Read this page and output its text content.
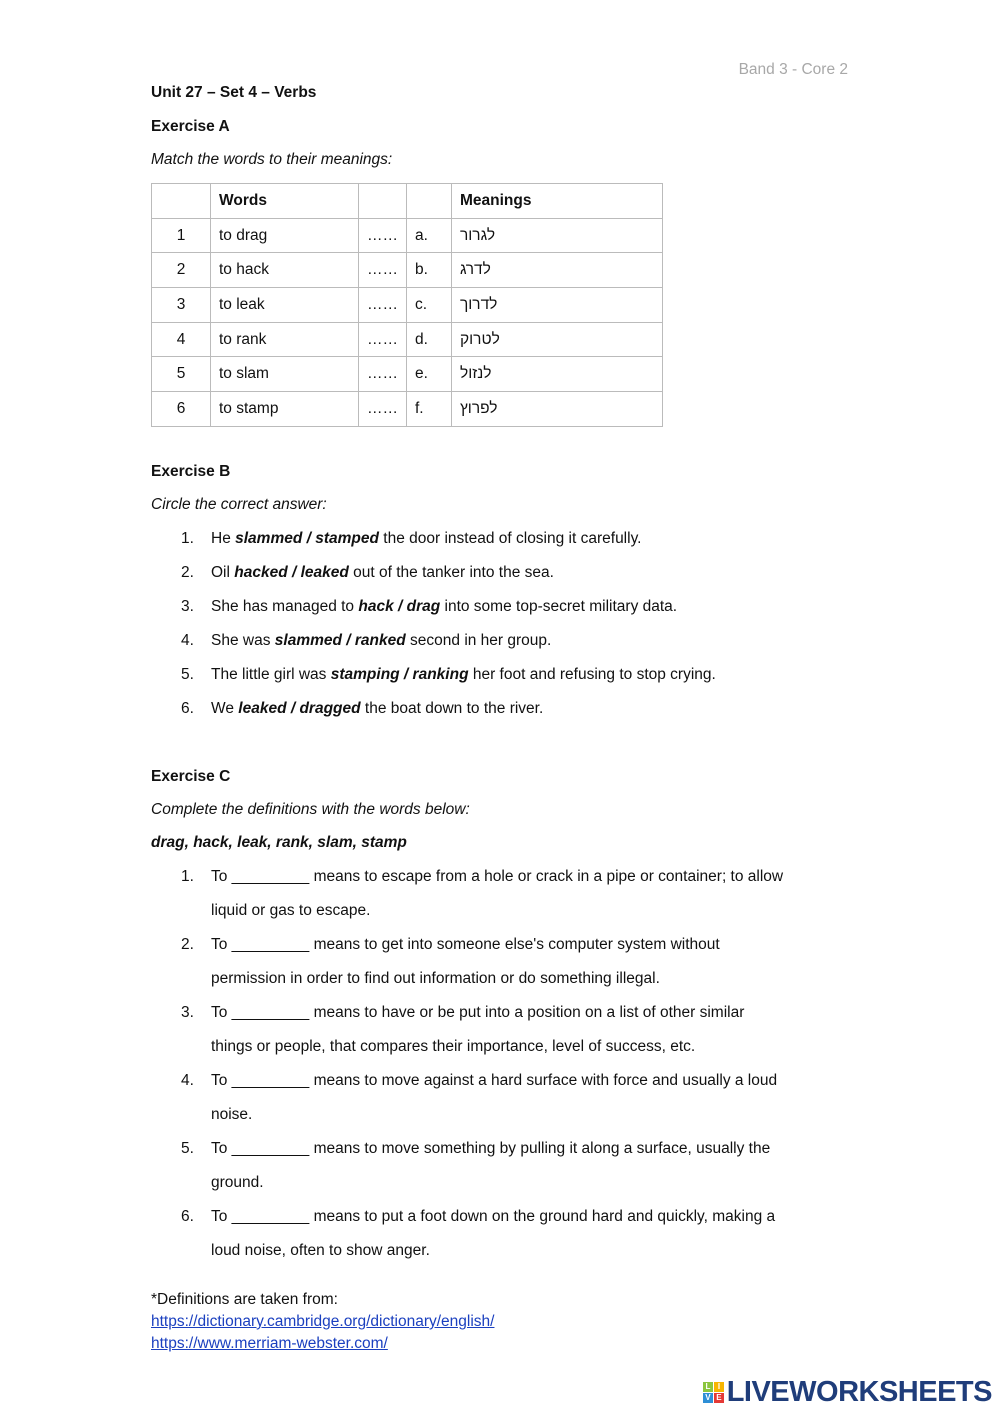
Band 3 - Core 2
Unit 27 – Set 4 – Verbs
Exercise A
Match the words to their meanings:
	Words			Meanings
1	to drag	……	a.	לגרור
2	to hack	……	b.	לדרג
3	to leak	……	c.	לדרוך
4	to rank	……	d.	לטרוק
5	to slam	……	e.	לנזול
6	to stamp	……	f.	לפרוץ
Exercise B
Circle the correct answer:
1. He slammed / stamped the door instead of closing it carefully.
2. Oil hacked / leaked out of the tanker into the sea.
3. She has managed to hack / drag into some top-secret military data.
4. She was slammed / ranked second in her group.
5. The little girl was stamping / ranking her foot and refusing to stop crying.
6. We leaked / dragged the boat down to the river.
Exercise C
Complete the definitions with the words below:
drag, hack, leak, rank, slam, stamp
1. To _________ means to escape from a hole or crack in a pipe or container; to allow
liquid or gas to escape.
2. To _________ means to get into someone else's computer system without
permission in order to find out information or do something illegal.
3. To _________ means to have or be put into a position on a list of other similar
things or people, that compares their importance, level of success, etc.
4. To _________ means to move against a hard surface with force and usually a loud
noise.
5. To _________ means to move something by pulling it along a surface, usually the
ground.
6. To _________ means to put a foot down on the ground hard and quickly, making a
loud noise, often to show anger.
*Definitions are taken from:
https://dictionary.cambridge.org/dictionary/english/
https://www.merriam-webster.com/
L I
V E LIVEWORKSHEETS
